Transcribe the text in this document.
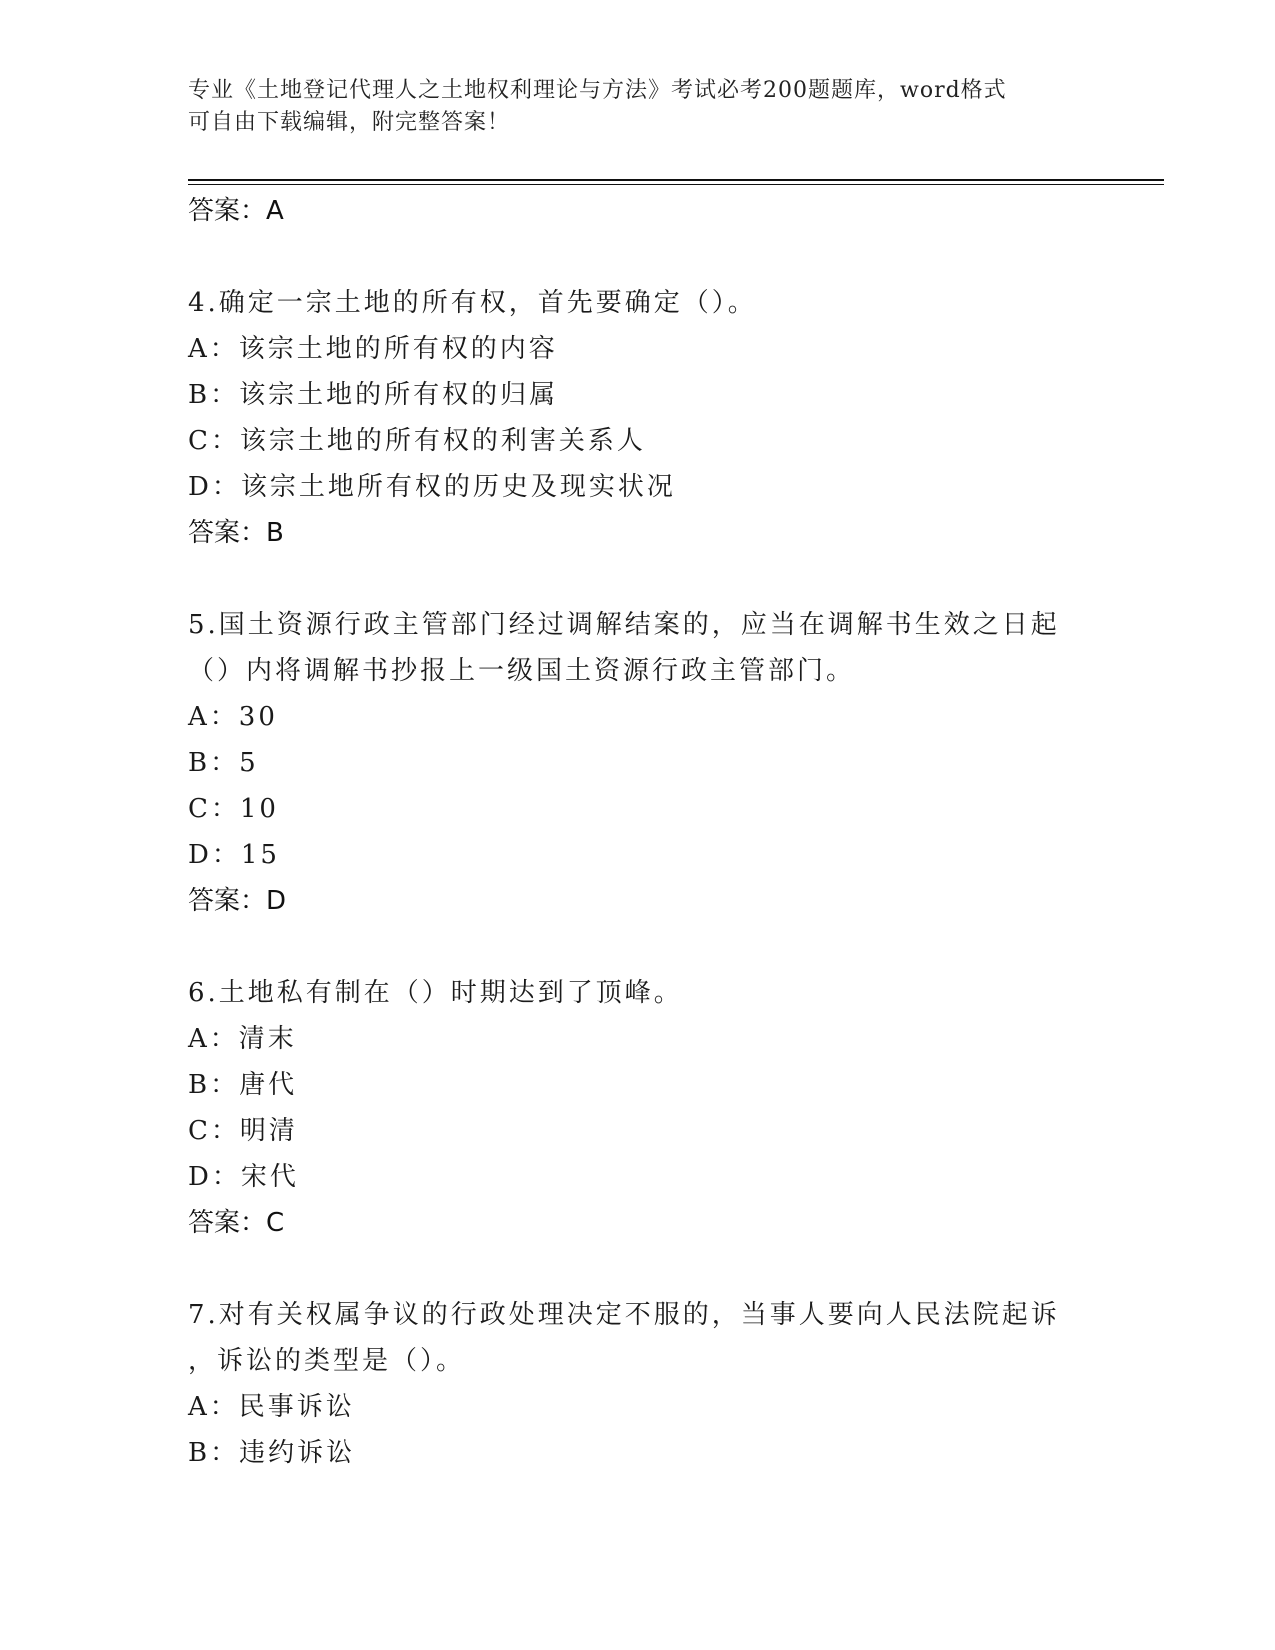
专业《土地登记代理人之土地权利理论与方法》考试必考200题题库，word格式
可自由下载编辑，附完整答案！
答案：A
4.确定一宗土地的所有权，首先要确定（）。
A：该宗土地的所有权的内容
B：该宗土地的所有权的归属
C：该宗土地的所有权的利害关系人
D：该宗土地所有权的历史及现实状况
答案：B
5.国土资源行政主管部门经过调解结案的，应当在调解书生效之日起
（）内将调解书抄报上一级国土资源行政主管部门。
A：30
B：5
C：10
D：15
答案：D
6.土地私有制在（）时期达到了顶峰。
A：清末
B：唐代
C：明清
D：宋代
答案：C
7.对有关权属争议的行政处理决定不服的，当事人要向人民法院起诉
，诉讼的类型是（）。
A：民事诉讼
B：违约诉讼
